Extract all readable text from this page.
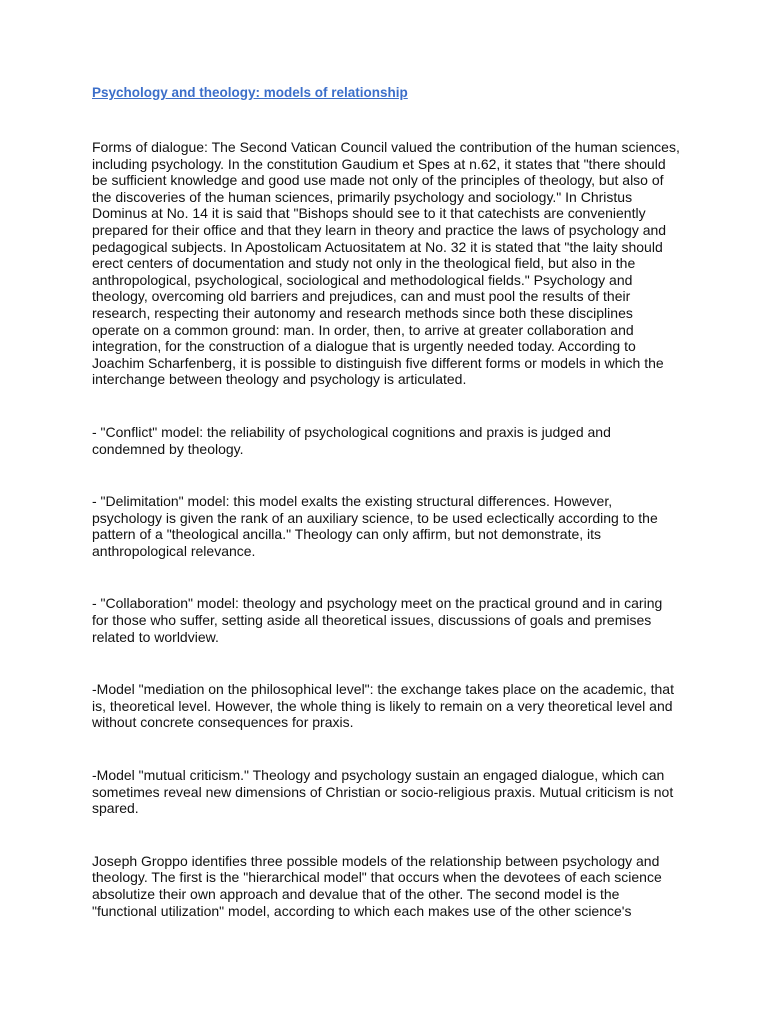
Psychology and theology: models of relationship

Forms of dialogue: The Second Vatican Council valued the contribution of the human sciences, including psychology. In the constitution Gaudium et Spes at n.62, it states that "there should be sufficient knowledge and good use made not only of the principles of theology, but also of the discoveries of the human sciences, primarily psychology and sociology." In Christus Dominus at No. 14 it is said that "Bishops should see to it that catechists are conveniently prepared for their office and that they learn in theory and practice the laws of psychology and pedagogical subjects. In Apostolicam Actuositatem at No. 32 it is stated that "the laity should erect centers of documentation and study not only in the theological field, but also in the anthropological, psychological, sociological and methodological fields." Psychology and theology, overcoming old barriers and prejudices, can and must pool the results of their research, respecting their autonomy and research methods since both these disciplines operate on a common ground: man. In order, then, to arrive at greater collaboration and integration, for the construction of a dialogue that is urgently needed today. According to Joachim Scharfenberg, it is possible to distinguish five different forms or models in which the interchange between theology and psychology is articulated.

- "Conflict" model: the reliability of psychological cognitions and praxis is judged and condemned by theology.

- "Delimitation" model: this model exalts the existing structural differences. However, psychology is given the rank of an auxiliary science, to be used eclectically according to the pattern of a "theological ancilla." Theology can only affirm, but not demonstrate, its anthropological relevance.

- "Collaboration" model: theology and psychology meet on the practical ground and in caring for those who suffer, setting aside all theoretical issues, discussions of goals and premises related to worldview.

-Model "mediation on the philosophical level": the exchange takes place on the academic, that is, theoretical level. However, the whole thing is likely to remain on a very theoretical level and without concrete consequences for praxis.

-Model "mutual criticism." Theology and psychology sustain an engaged dialogue, which can sometimes reveal new dimensions of Christian or socio-religious praxis. Mutual criticism is not spared.

Joseph Groppo identifies three possible models of the relationship between psychology and theology. The first is the "hierarchical model" that occurs when the devotees of each science absolutize their own approach and devalue that of the other. The second model is the "functional utilization" model, according to which each makes use of the other science's
